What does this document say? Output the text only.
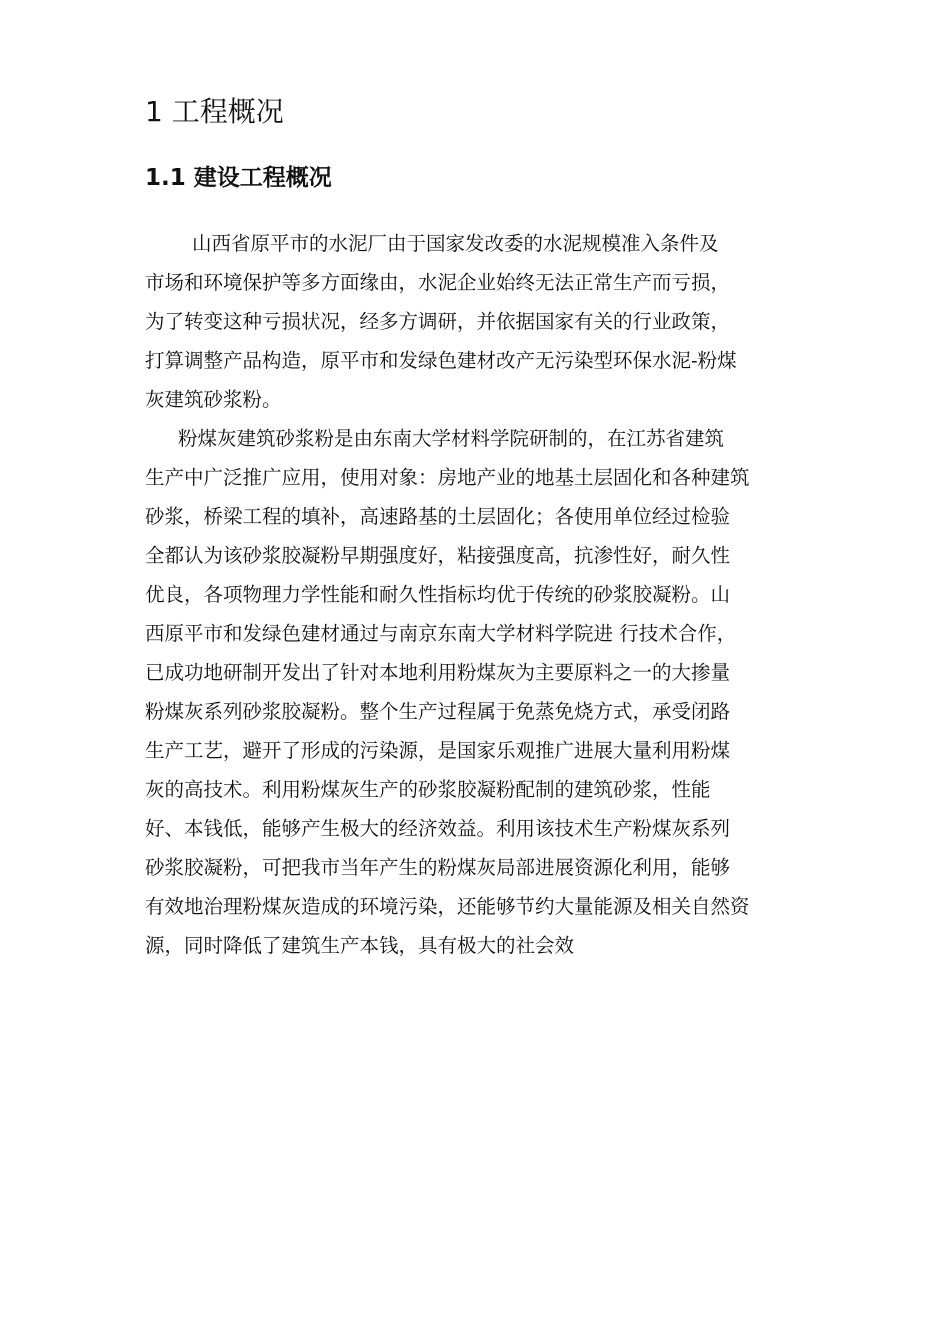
1 工程概况
1.1 建设工程概况
山西省原平市的水泥厂由于国家发改委的水泥规模准入条件及
市场和环境保护等多方面缘由，水泥企业始终无法正常生产而亏损，
为了转变这种亏损状况，经多方调研，并依据国家有关的行业政策，
打算调整产品构造，原平市和发绿色建材改产无污染型环保水泥-粉煤
灰建筑砂浆粉。
粉煤灰建筑砂浆粉是由东南大学材料学院研制的，在江苏省建筑
生产中广泛推广应用，使用对象：房地产业的地基土层固化和各种建筑
砂浆，桥梁工程的填补，高速路基的土层固化；各使用单位经过检验
全都认为该砂浆胶凝粉早期强度好，粘接强度高，抗渗性好，耐久性
优良，各项物理力学性能和耐久性指标均优于传统的砂浆胶凝粉。山
西原平市和发绿色建材通过与南京东南大学材料学院进 行技术合作，
已成功地研制开发出了针对本地利用粉煤灰为主要原料之一的大掺量
粉煤灰系列砂浆胶凝粉。整个生产过程属于免蒸免烧方式，承受闭路
生产工艺，避开了形成的污染源，是国家乐观推广进展大量利用粉煤
灰的高技术。利用粉煤灰生产的砂浆胶凝粉配制的建筑砂浆，性能
好、本钱低，能够产生极大的经济效益。利用该技术生产粉煤灰系列
砂浆胶凝粉，可把我市当年产生的粉煤灰局部进展资源化利用，能够
有效地治理粉煤灰造成的环境污染，还能够节约大量能源及相关自然资
源，同时降低了建筑生产本钱，具有极大的社会效
